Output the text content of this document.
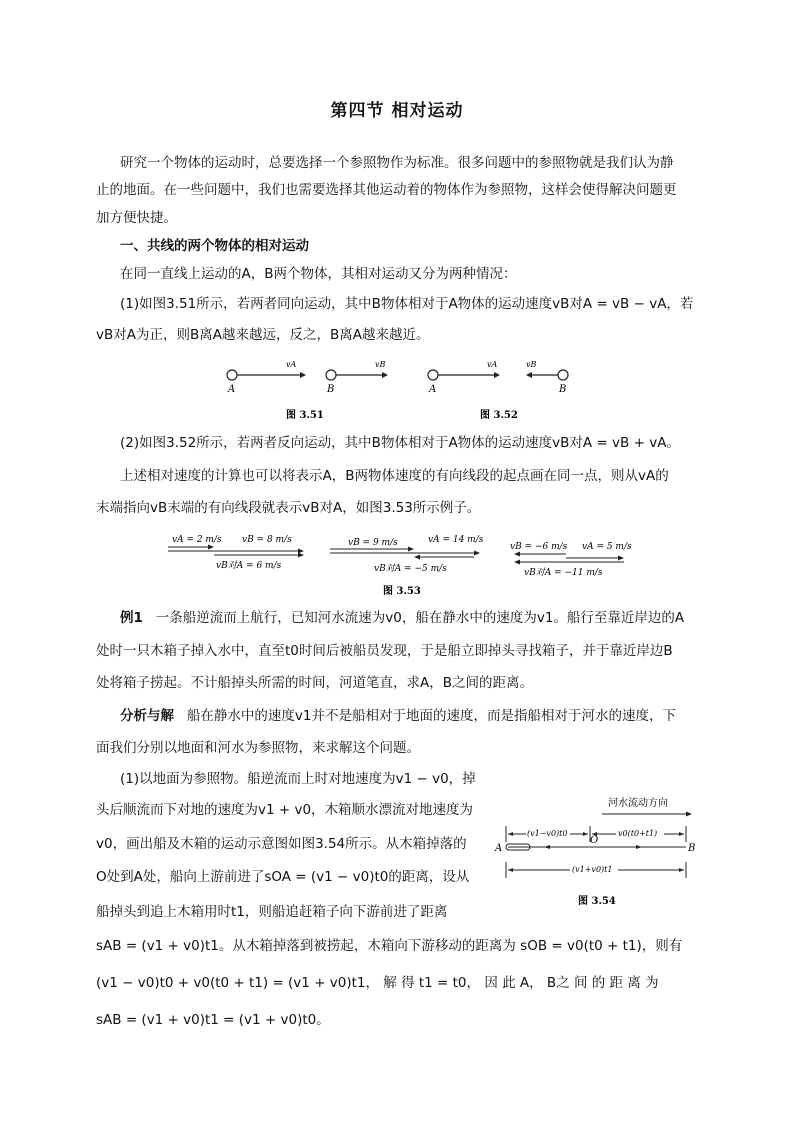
第四节 相对运动
研究一个物体的运动时，总要选择一个参照物作为标准。很多问题中的参照物就是我们认为静
止的地面。在一些问题中，我们也需要选择其他运动着的物体作为参照物，这样会使得解决问题更
加方便快捷。
一、共线的两个物体的相对运动
在同一直线上运动的A，B两个物体，其相对运动又分为两种情况：
(1)如图3.51所示，若两者同向运动，其中B物体相对于A物体的运动速度vB对A = vB − vA，若
vB对A为正，则B离A越来越远，反之，B离A越来越近。
A	B
vA	vB
图 3.51
A	B
vA	vB
图 3.52
(2)如图3.52所示，若两者反向运动，其中B物体相对于A物体的运动速度vB对A = vB + vA。
上述相对速度的计算也可以将表示A，B两物体速度的有向线段的起点画在同一点，则从vA的
末端指向vB末端的有向线段就表示vB对A，如图3.53所示例子。
vA = 2 m/s vB = 8 m/s
vB对A = 6 m/s
vB = 9 m/s	vA = 14 m/s
vB对A = −5 m/s
vB = −6 m/s vA = 5 m/s
vB对A = −11 m/s
图 3.53
例1 一条船逆流而上航行，已知河水流速为v0，船在静水中的速度为v1。船行至靠近岸边的A
处时一只木箱子掉入水中，直至t0时间后被船员发现，于是船立即掉头寻找箱子，并于靠近岸边B
处将箱子捞起。不计船掉头所需的时间，河道笔直，求A，B之间的距离。
分析与解 船在静水中的速度v1并不是船相对于地面的速度，而是指船相对于河水的速度，下
面我们分别以地面和河水为参照物，来求解这个问题。
(1)以地面为参照物。船逆流而上时对地速度为v1 − v0，掉
头后顺流而下对地的速度为v1 + v0，木箱顺水漂流对地速度为
v0，画出船及木箱的运动示意图如图3.54所示。从木箱掉落的
O处到A处，船向上游前进了sOA = (v1 − v0)t0的距离，设从
船掉头到追上木箱用时t1，则船追赶箱子向下游前进了距离
sAB = (v1 + v0)t1。从木箱掉落到被捞起，木箱向下游移动的距离为 sOB = v0(t0 + t1)，则有
(v1 − v0)t0 + v0(t0 + t1) = (v1 + v0)t1， 解 得 t1 = t0， 因 此 A， B之 间 的 距 离 为
sAB = (v1 + v0)t1 = (v1 + v0)t0。
河水流动方向
(v1−v0)t0	v0(t0+t1)
A
O
B
(v1+v0)t1
图 3.54
